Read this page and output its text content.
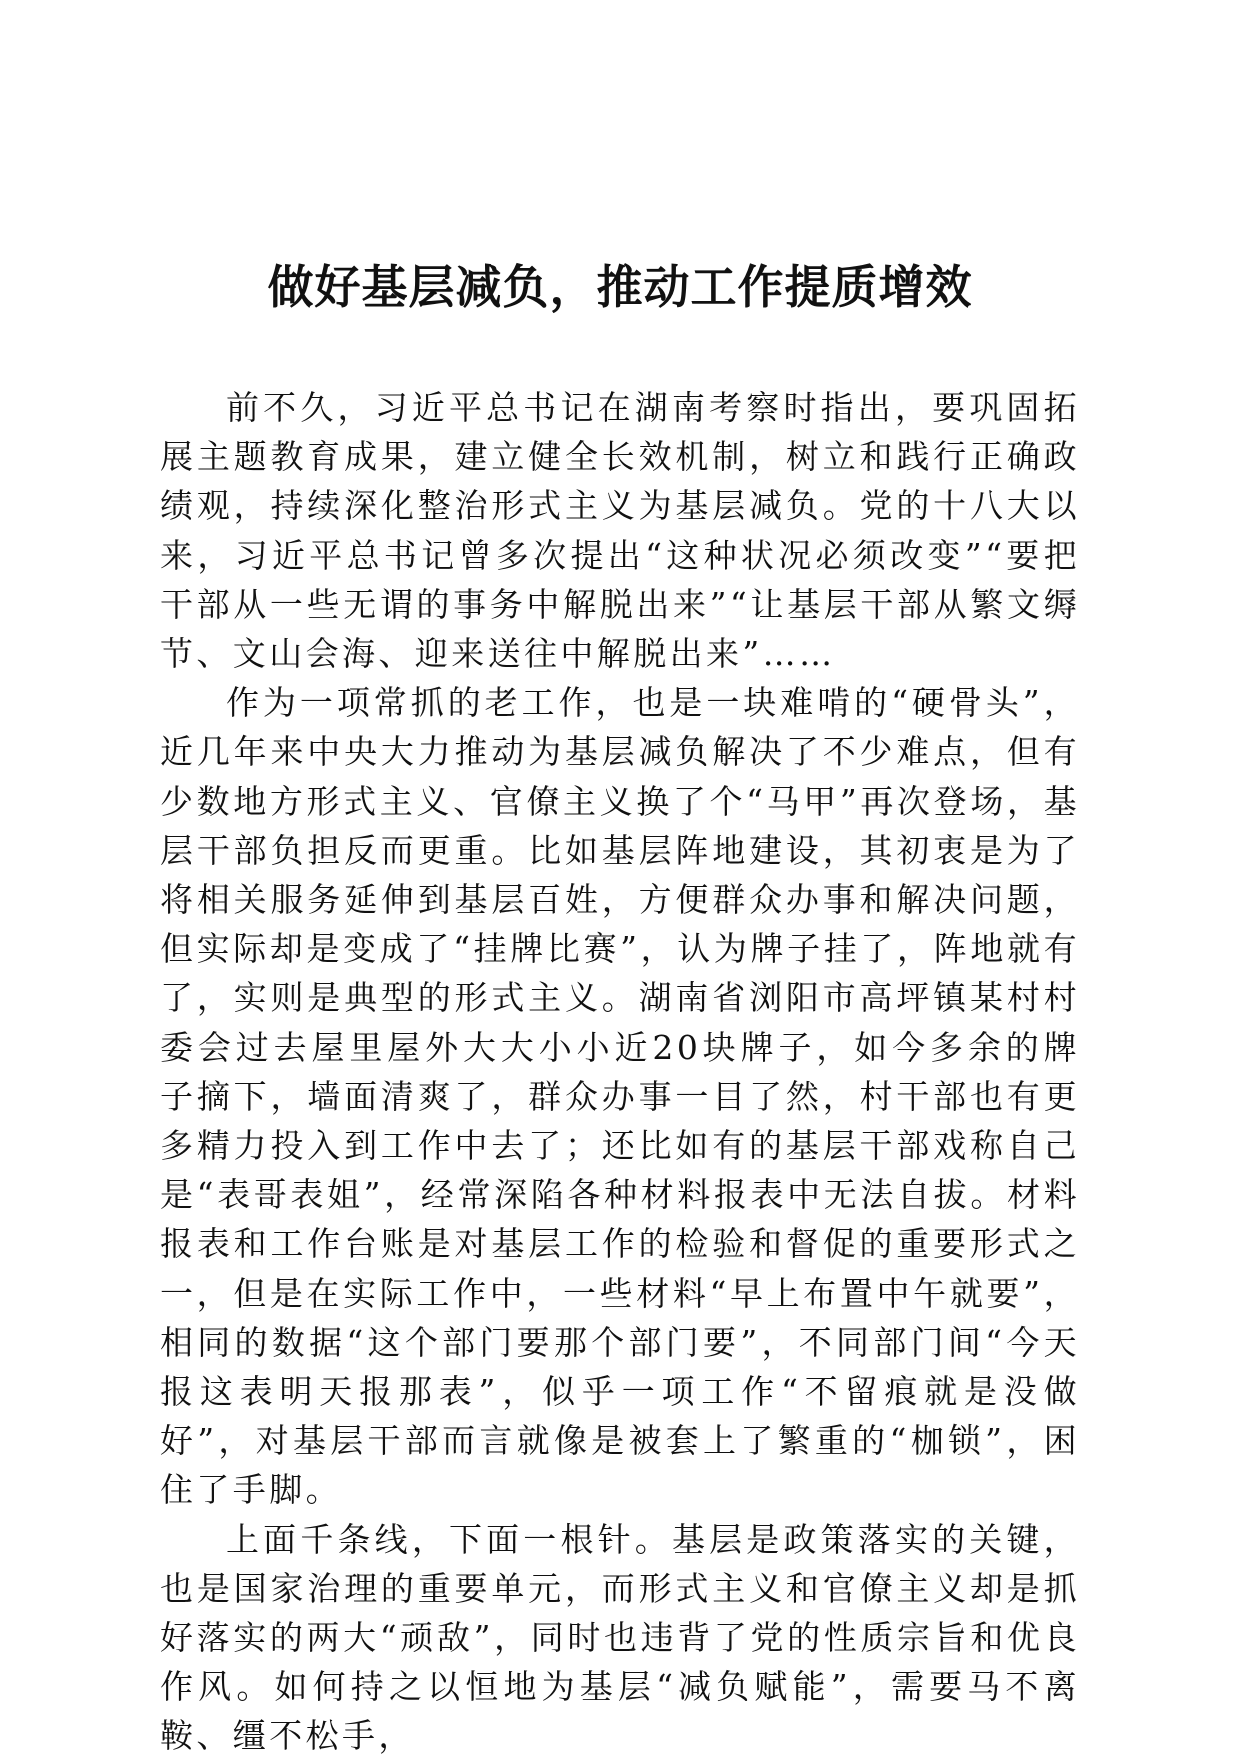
做好基层减负，推动工作提质增效

前不久，习近平总书记在湖南考察时指出，要巩固拓展主题教育成果，建立健全长效机制，树立和践行正确政绩观，持续深化整治形式主义为基层减负。党的十八大以来，习近平总书记曾多次提出“这种状况必须改变”“要把干部从一些无谓的事务中解脱出来”“让基层干部从繁文缛节、文山会海、迎来送往中解脱出来”……

作为一项常抓的老工作，也是一块难啃的“硬骨头”，近几年来中央大力推动为基层减负解决了不少难点，但有少数地方形式主义、官僚主义换了个“马甲”再次登场，基层干部负担反而更重。比如基层阵地建设，其初衷是为了将相关服务延伸到基层百姓，方便群众办事和解决问题，但实际却是变成了“挂牌比赛”，认为牌子挂了，阵地就有了，实则是典型的形式主义。湖南省浏阳市高坪镇某村村委会过去屋里屋外大大小小近20块牌子，如今多余的牌子摘下，墙面清爽了，群众办事一目了然，村干部也有更多精力投入到工作中去了；还比如有的基层干部戏称自己是“表哥表姐”，经常深陷各种材料报表中无法自拔。材料报表和工作台账是对基层工作的检验和督促的重要形式之一，但是在实际工作中，一些材料“早上布置中午就要”，相同的数据“这个部门要那个部门要”，不同部门间“今天报这表明天报那表”，似乎一项工作“不留痕就是没做好”，对基层干部而言就像是被套上了繁重的“枷锁”，困住了手脚。

上面千条线，下面一根针。基层是政策落实的关键，也是国家治理的重要单元，而形式主义和官僚主义却是抓好落实的两大“顽敌”，同时也违背了党的性质宗旨和优良作风。如何持之以恒地为基层“减负赋能”，需要马不离鞍、缰不松手，
